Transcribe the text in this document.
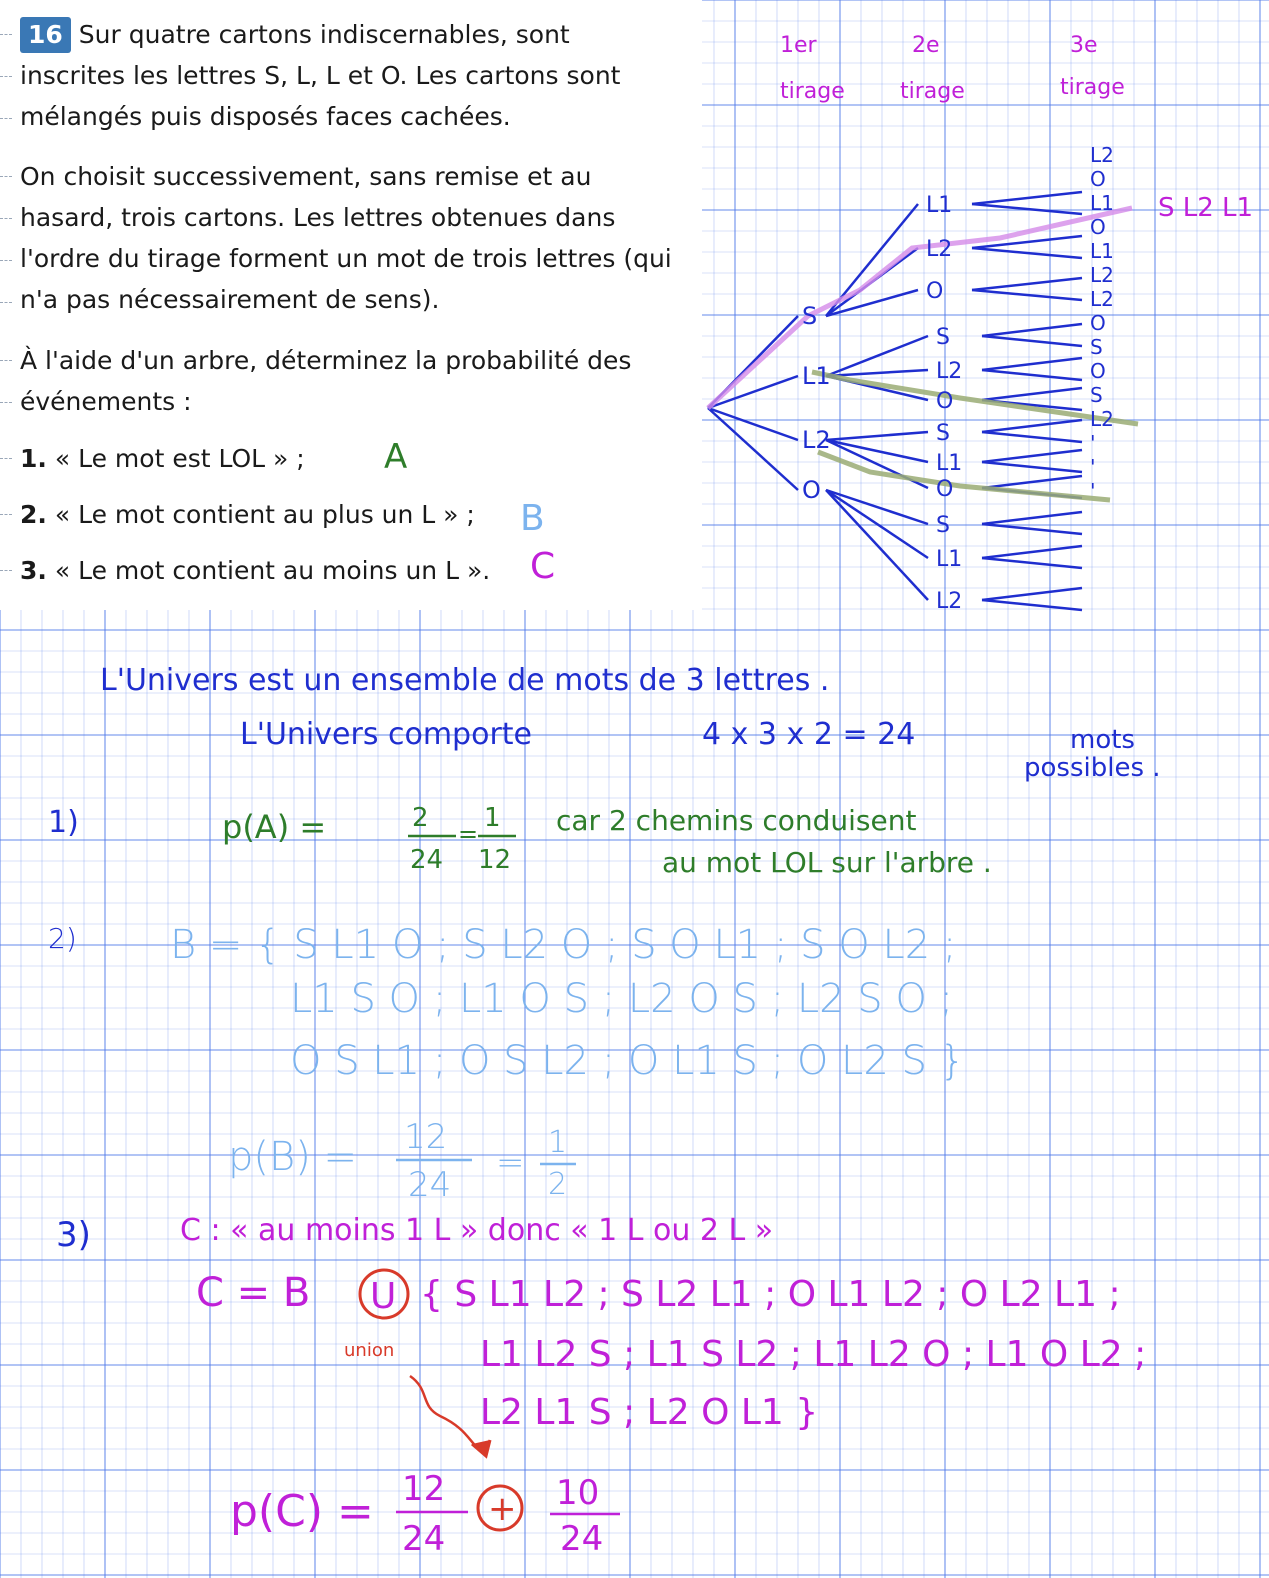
16 Sur quatre cartons indiscernables, sont inscrites les lettres S, L, L et O. Les cartons sont mélangés puis disposés faces cachées.

On choisit successivement, sans remise et au hasard, trois cartons. Les lettres obtenues dans l'ordre du tirage forment un mot de trois lettres (qui n'a pas nécessairement de sens).

À l'aide d'un arbre, déterminez la probabilité des événements :

1. « Le mot est LOL » ;
2. « Le mot contient au plus un L » ;
3. « Le mot contient au moins un L ».
A
B
C
1er
tirage
2e
tirage
3e
tirage
S L2 L1
S
L1
L2
O
L1
L2
O
S
L2
O
S
L1
O
S
L1
L2
L2
O
L1
O
L1
L2
L2
O
S
O
S
L2
'
'
'
L'Univers est un ensemble de mots de 3 lettres .
L'Univers comporte	4 x 3 x 2 = 24	mots
possibles .
1)	p(A) =	2
24
=
1
12
car 2 chemins conduisent
au mot LOL sur l'arbre .
2) B = { S L1 O ; S L2 O ; S O L1 ; S O L2 ;
L1 S O ; L1 O S ; L2 O S ; L2 S O ;
O S L1 ; O S L2 ; O L1 S ; O L2 S }
p(B) = 12
24
=
1
2
3)	C : « au moins 1 L » donc « 1 L ou 2 L »
C = B U { S L1 L2 ; S L2 L1 ; O L1 L2 ; O L2 L1 ;
L1 L2 S ; L1 S L2 ; L1 L2 O ; L1 O L2 ;
L2 L1 S ; L2 O L1 }
union
p(C) = 12
24
+ 10
24
